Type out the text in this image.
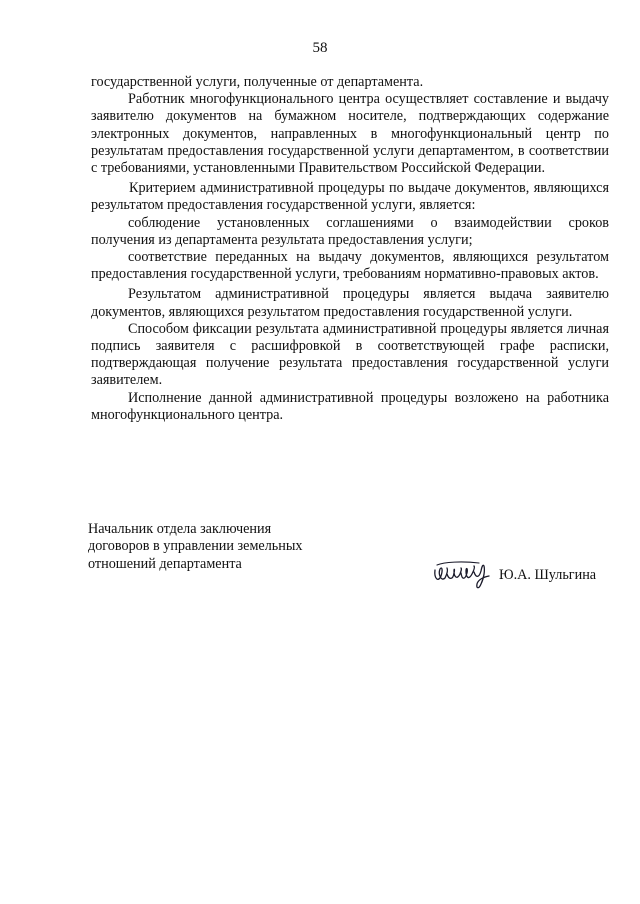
58

государственной услуги, полученные от департамента.

Работник многофункционального центра осуществляет составление и выдачу заявителю документов на бумажном носителе, подтверждающих содержание электронных документов, направленных в многофункциональный центр по результатам предоставления государственной услуги департаментом, в соответствии с требованиями, установленными Правительством Российской Федерации.

Критерием административной процедуры по выдаче документов, являющихся результатом предоставления государственной услуги, является:

соблюдение установленных соглашениями о взаимодействии сроков получения из департамента результата предоставления услуги;

соответствие переданных на выдачу документов, являющихся результатом предоставления государственной услуги, требованиям нормативно-правовых актов.

Результатом административной процедуры является выдача заявителю документов, являющихся результатом предоставления государственной услуги.

Способом фиксации результата административной процедуры является личная подпись заявителя с расшифровкой в соответствующей графе расписки, подтверждающая получение результата предоставления государственной услуги заявителем.

Исполнение данной административной процедуры возложено на работника многофункционального центра.

Начальник отдела заключения
договоров в управлении земельных
отношений департамента
Ю.А. Шульгина
